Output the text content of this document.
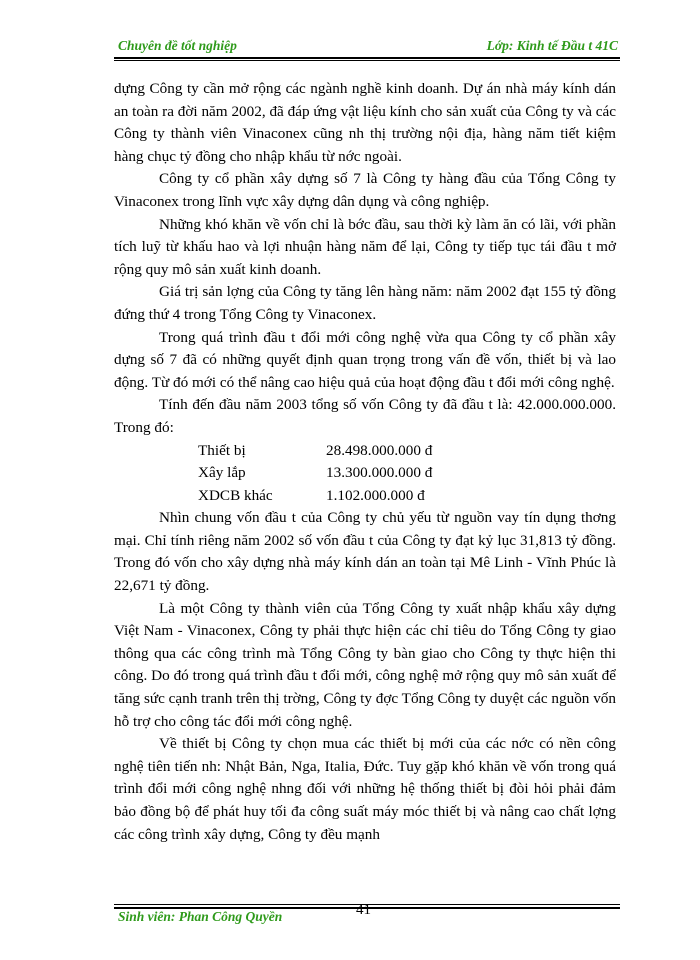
Chuyên đề tốt nghiệp	Lớp: Kinh tế Đầu t 41C

dựng Công ty cần mở rộng các ngành nghề kinh doanh. Dự án nhà máy kính dán an toàn ra đời năm 2002, đã đáp ứng vật liệu kính cho sản xuất của Công ty và các Công ty thành viên Vinaconex cũng nh thị trường nội địa, hàng năm tiết kiệm hàng chục tỷ đồng cho nhập khẩu từ nớc ngoài.

Công ty cổ phần xây dựng số 7 là Công ty hàng đầu của Tổng Công ty Vinaconex trong lĩnh vực xây dựng dân dụng và công nghiệp.

Những khó khăn về vốn chỉ là bớc đầu, sau thời kỳ làm ăn có lãi, với phần tích luỹ từ khấu hao và lợi nhuận hàng năm để lại, Công ty tiếp tục tái đầu t mở rộng quy mô sản xuất kinh doanh.

Giá trị sản lợng của Công ty tăng lên hàng năm: năm 2002 đạt 155 tỷ đồng đứng thứ 4 trong Tổng Công ty Vinaconex.

Trong quá trình đầu t đổi mới công nghệ vừa qua Công ty cổ phần xây dựng số 7 đã có những quyết định quan trọng trong vấn đề vốn, thiết bị và lao động. Từ đó mới có thể nâng cao hiệu quả của hoạt động đầu t đổi mới công nghệ.

Tính đến đầu năm 2003 tổng số vốn Công ty đã đầu t là: 42.000.000.000. Trong đó:

Thiết bị	28.498.000.000 đ
Xây lắp	13.300.000.000 đ
XDCB khác	1.102.000.000 đ

Nhìn chung vốn đầu t của Công ty chủ yếu từ nguồn vay tín dụng thơng mại. Chỉ tính riêng năm 2002 số vốn đầu t của Công ty đạt kỷ lục 31,813 tỷ đồng. Trong đó vốn cho xây dựng nhà máy kính dán an toàn tại Mê Linh - Vĩnh Phúc là 22,671 tỷ đồng.

Là một Công ty thành viên của Tổng Công ty xuất nhập khẩu xây dựng Việt Nam - Vinaconex, Công ty phải thực hiện các chỉ tiêu do Tổng Công ty giao thông qua các công trình mà Tổng Công ty bàn giao cho Công ty thực hiện thi công. Do đó trong quá trình đầu t đổi mới, công nghệ mở rộng quy mô sản xuất để tăng sức cạnh tranh trên thị trờng, Công ty đợc Tổng Công ty duyệt các nguồn vốn hỗ trợ cho công tác đổi mới công nghệ.

Về thiết bị Công ty chọn mua các thiết bị mới của các nớc có nền công nghệ tiên tiến nh: Nhật Bản, Nga, Italia, Đức. Tuy gặp khó khăn về vốn trong quá trình đổi mới công nghệ nhng đối với những hệ thống thiết bị đòi hỏi phải đảm bảo đồng bộ để phát huy tối đa công suất máy móc thiết bị và nâng cao chất lợng các công trình xây dựng, Công ty đều mạnh

Sinh viên: Phan Công Quyền	41
